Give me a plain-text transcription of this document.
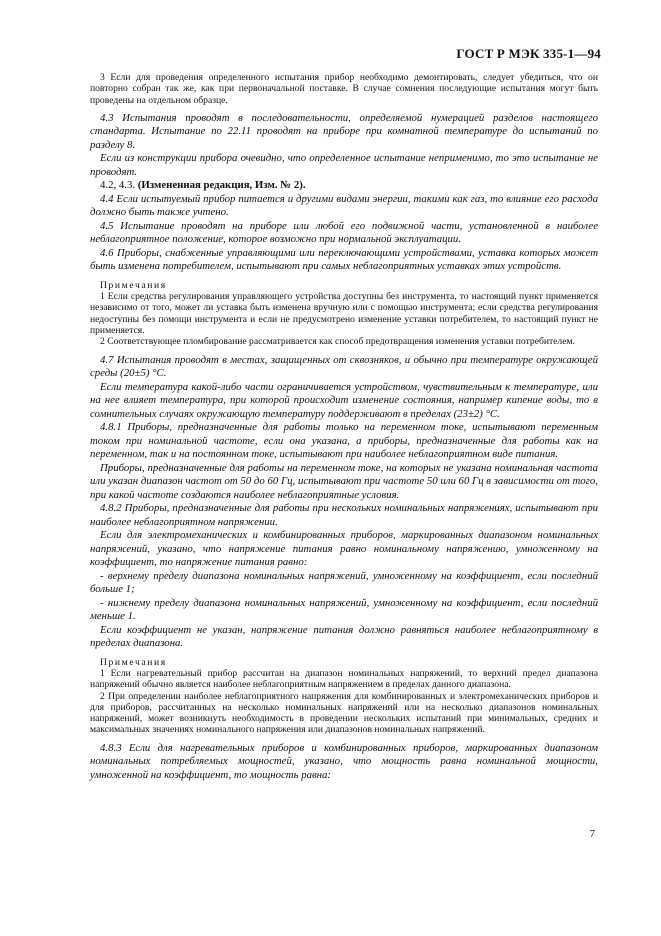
ГОСТ Р МЭК 335-1—94

3 Если для проведения определенного испытания прибор необходимо демонтировать, следует убедиться, что он повторно собран так же, как при первоначальной поставке. В случае сомнения последующие испытания могут быть проведены на отдельном образце.

4.3 Испытания проводят в последовательности, определяемой нумерацией разделов настоящего стандарта. Испытание по 22.11 проводят на приборе при комнатной температуре до испытаний по разделу 8.

Если из конструкции прибора очевидно, что определенное испытание неприменимо, то это испытание не проводят.

4.2, 4.3. (Измененная редакция, Изм. № 2).

4.4 Если испытуемый прибор питается и другими видами энергии, такими как газ, то влияние его расхода должно быть также учтено.

4.5 Испытание проводят на приборе или любой его подвижной части, установленной в наиболее неблагоприятное положение, которое возможно при нормальной эксплуатации.

4.6 Приборы, снабженные управляющими или переключающими устройствами, уставка которых может быть изменена потребителем, испытывают при самых неблагоприятных уставках этих устройств.

Примечания

1 Если средства регулирования управляющего устройства доступны без инструмента, то настоящий пункт применяется независимо от того, может ли уставка быть изменена вручную или с помощью инструмента; если средства регулирования недоступны без помощи инструмента и если не предусмотрено изменение уставки потребителем, то настоящий пункт не применяется.

2 Соответствующее пломбирование рассматривается как способ предотвращения изменения уставки потребителем.

4.7 Испытания проводят в местах, защищенных от сквозняков, и обычно при температуре окружающей среды (20±5) °С.

Если температура какой-либо части ограничивается устройством, чувствительным к температуре, или на нее влияет температура, при которой происходит изменение состояния, например кипение воды, то в сомнительных случаях окружающую температуру поддерживают в пределах (23±2) °С.

4.8.1 Приборы, предназначенные для работы только на переменном токе, испытывают переменным током при номинальной частоте, если она указана, а приборы, предназначенные для работы как на переменном, так и на постоянном токе, испытывают при наиболее неблагоприятном виде питания.

Приборы, предназначенные для работы на переменном токе, на которых не указана номинальная частота или указан диапазон частот от 50 до 60 Гц, испытывают при частоте 50 или 60 Гц в зависимости от того, при какой частоте создаются наиболее неблагоприятные условия.

4.8.2 Приборы, предназначенные для работы при нескольких номинальных напряжениях, испытывают при наиболее неблагоприятном напряжении.

Если для электромеханических и комбинированных приборов, маркированных диапазоном номинальных напряжений, указано, что напряжение питания равно номинальному напряжению, умноженному на коэффициент, то напряжение питания равно:

- верхнему пределу диапазона номинальных напряжений, умноженному на коэффициент, если последний больше 1;

- нижнему пределу диапазона номинальных напряжений, умноженному на коэффициент, если последний меньше 1.

Если коэффициент не указан, напряжение питания должно равняться наиболее неблагоприятному в пределах диапазона.

Примечания

1 Если нагревательный прибор рассчитан на диапазон номинальных напряжений, то верхний предел диапазона напряжений обычно является наиболее неблагоприятным напряжением в пределах данного диапазона.

2 При определении наиболее неблагоприятного напряжения для комбинированных и электромеханических приборов и для приборов, рассчитанных на несколько номинальных напряжений или на несколько диапазонов номинальных напряжений, может возникнуть необходимость в проведении нескольких испытаний при минимальных, средних и максимальных значениях номинального напряжения или диапазонов номинальных напряжений.

4.8.3 Если для нагревательных приборов и комбинированных приборов, маркированных диапазоном номинальных потребляемых мощностей, указано, что мощность равна номинальной мощности, умноженной на коэффициент, то мощность равна:

7
